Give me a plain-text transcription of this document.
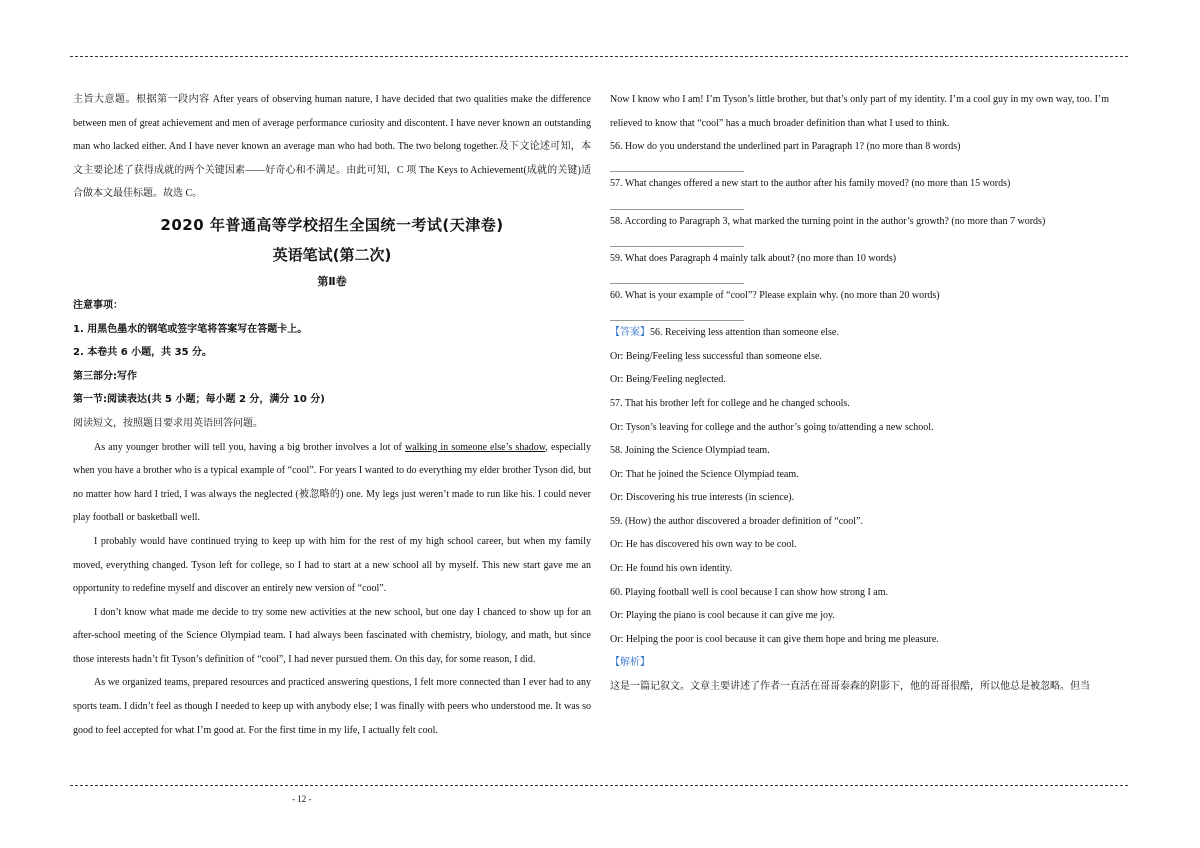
主旨大意题。根据第一段内容 After years of observing human nature, I have decided that two qualities make the difference between men of great achievement and men of average performance curiosity and discontent. I have never known an outstanding man who lacked either. And I have never known an average man who had both. The two belong together.及下文论述可知，本文主要论述了获得成就的两个关键因素——好奇心和不满足。由此可知，C 项 The Keys to Achievement(成就的关键)适合做本文最佳标题。故选 C。

2020 年普通高等学校招生全国统一考试(天津卷)

英语笔试(第二次)

第Ⅱ卷

注意事项：

1. 用黑色墨水的钢笔或签字笔将答案写在答题卡上。

2. 本卷共 6 小题，共 35 分。

第三部分:写作

第一节:阅读表达(共 5 小题；每小题 2 分，满分 10 分)

阅读短文，按照题目要求用英语回答问题。

As any younger brother will tell you, having a big brother involves a lot of walking in someone else’s shadow, especially when you have a brother who is a typical example of “cool”. For years I wanted to do everything my elder brother Tyson did, but no matter how hard I tried, I was always the neglected (被忽略的) one. My legs just weren’t made to run like his. I could never play football or basketball well.

I probably would have continued trying to keep up with him for the rest of my high school career, but when my family moved, everything changed. Tyson left for college, so I had to start at a new school all by myself. This new start gave me an opportunity to redefine myself and discover an entirely new version of “cool”.

I don’t know what made me decide to try some new activities at the new school, but one day I chanced to show up for an after-school meeting of the Science Olympiad team. I had always been fascinated with chemistry, biology, and math, but since those interests hadn’t fit Tyson’s definition of “cool”, I had never pursued them. On this day, for some reason, I did.

As we organized teams, prepared resources and practiced answering questions, I felt more connected than I ever had to any sports team. I didn’t feel as though I needed to keep up with anybody else; I was finally with peers who understood me. It was so good to feel accepted for what I’m good at. For the first time in my life, I actually felt cool.

Now I know who I am! I’m Tyson’s little brother, but that’s only part of my identity. I’m a cool guy in my own way, too. I’m relieved to know that “cool” has a much broader definition than what I used to think.

56. How do you understand the underlined part in Paragraph 1? (no more than 8 words)

57. What changes offered a new start to the author after his family moved? (no more than 15 words)

58. According to Paragraph 3, what marked the turning point in the author’s growth? (no more than 7 words)

59. What does Paragraph 4 mainly talk about? (no more than 10 words)

60. What is your example of “cool”? Please explain why. (no more than 20 words)

【答案】56. Receiving less attention than someone else.

Or: Being/Feeling less successful than someone else.

Or: Being/Feeling neglected.

57. That his brother left for college and he changed schools.

Or: Tyson’s leaving for college and the author’s going to/attending a new school.

58. Joining the Science Olympiad team.

Or: That he joined the Science Olympiad team.

Or: Discovering his true interests (in science).

59. (How) the author discovered a broader definition of “cool”.

Or: He has discovered his own way to be cool.

Or: He found his own identity.

60. Playing football well is cool because I can show how strong I am.

Or: Playing the piano is cool because it can give me joy.

Or: Helping the poor is cool because it can give them hope and bring me pleasure.

【解析】

这是一篇记叙文。文章主要讲述了作者一直活在哥哥泰森的阴影下，他的哥哥很酷，所以他总是被忽略。但当

- 12 -
